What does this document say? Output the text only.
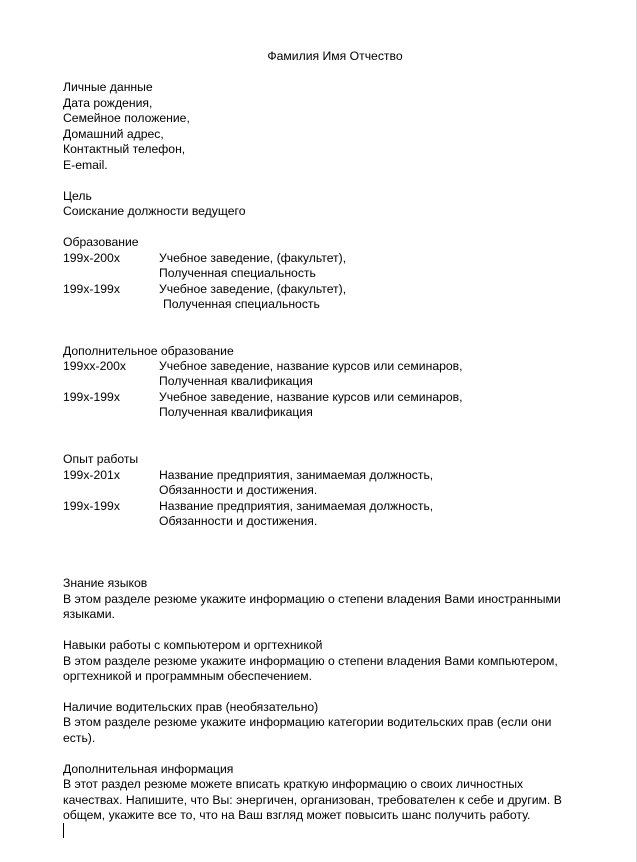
Фамилия Имя Отчество
Личные данные
Дата рождения,
Семейное положение,
Домашний адрес,
Контактный телефон,
E-email.
Цель
Соискание должности ведущего
Образование
199x-200x	Учебное заведение, (факультет),
Полученная специальность
199x-199x	Учебное заведение, (факультет),
Полученная специальность
Дополнительное образование
199xx-200x	Учебное заведение, название курсов или семинаров,
Полученная квалификация
199x-199x	Учебное заведение, название курсов или семинаров,
Полученная квалификация
Опыт работы
199x-201x	Название предприятия, занимаемая должность,
Обязанности и достижения.
199x-199x	Название предприятия, занимаемая должность,
Обязанности и достижения.
Знание языков
В этом разделе резюме укажите информацию о степени владения Вами иностранными
языками.
Навыки работы с компьютером и оргтехникой
В этом разделе резюме укажите информацию о степени владения Вами компьютером,
оргтехникой и программным обеспечением.
Наличие водительских прав (необязательно)
В этом разделе резюме укажите информацию категории водительских прав (если они
есть).
Дополнительная информация
В этот раздел резюме можете вписать краткую информацию о своих личностных
качествах. Напишите, что Вы: энергичен, организован, требователен к себе и другим. В
общем, укажите все то, что на Ваш взгляд может повысить шанс получить работу.
